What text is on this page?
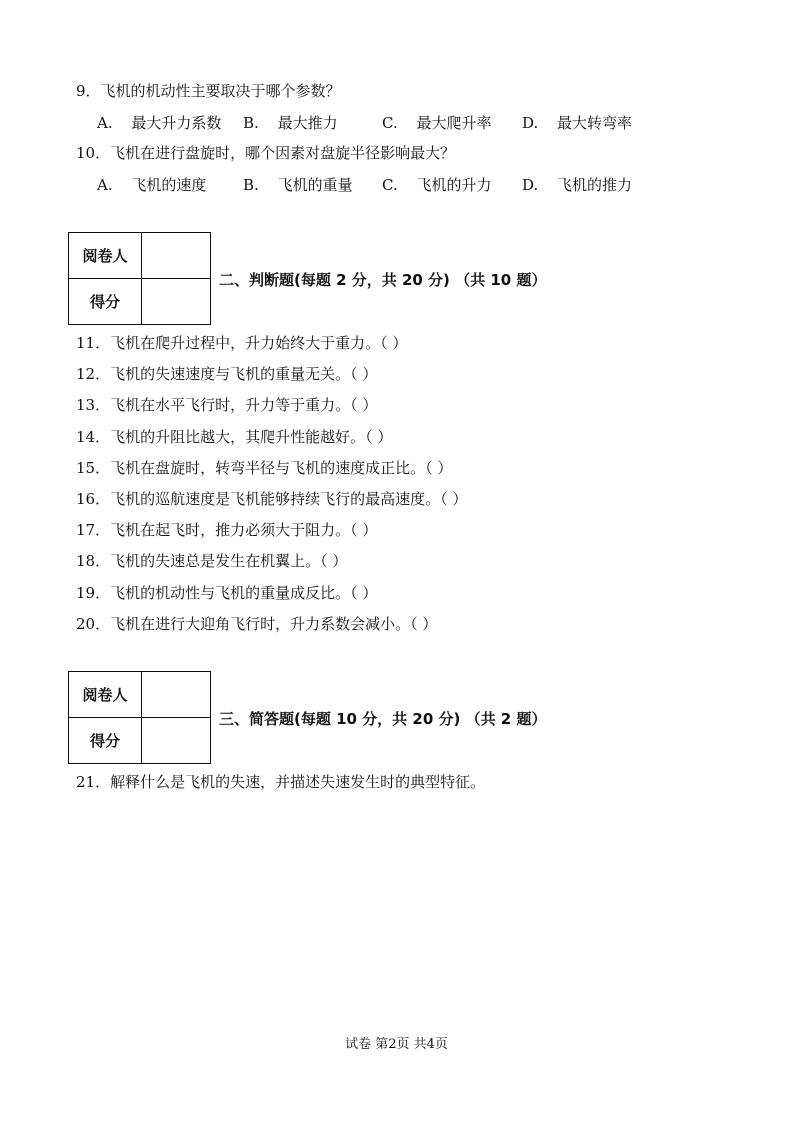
9．飞机的机动性主要取决于哪个参数？
A. 最大升力系数 B. 最大推力	C. 最大爬升率 D. 最大转弯率
10．飞机在进行盘旋时，哪个因素对盘旋半径影响最大？
A. 飞机的速度 B. 飞机的重量 C. 飞机的升力 D. 飞机的推力
阅卷人	
得分	
二、判断题(每题 2 分，共 20 分) （共 10 题）
11．飞机在爬升过程中，升力始终大于重力。（ ）
12．飞机的失速速度与飞机的重量无关。（ ）
13．飞机在水平飞行时，升力等于重力。（ ）
14．飞机的升阻比越大，其爬升性能越好。（ ）
15．飞机在盘旋时，转弯半径与飞机的速度成正比。（ ）
16．飞机的巡航速度是飞机能够持续飞行的最高速度。（ ）
17．飞机在起飞时，推力必须大于阻力。（ ）
18．飞机的失速总是发生在机翼上。（ ）
19．飞机的机动性与飞机的重量成反比。（ ）
20．飞机在进行大迎角飞行时，升力系数会减小。（ ）
阅卷人	
得分	
三、简答题(每题 10 分，共 20 分) （共 2 题）
21．解释什么是飞机的失速，并描述失速发生时的典型特征。
试卷 第2页 共4页
